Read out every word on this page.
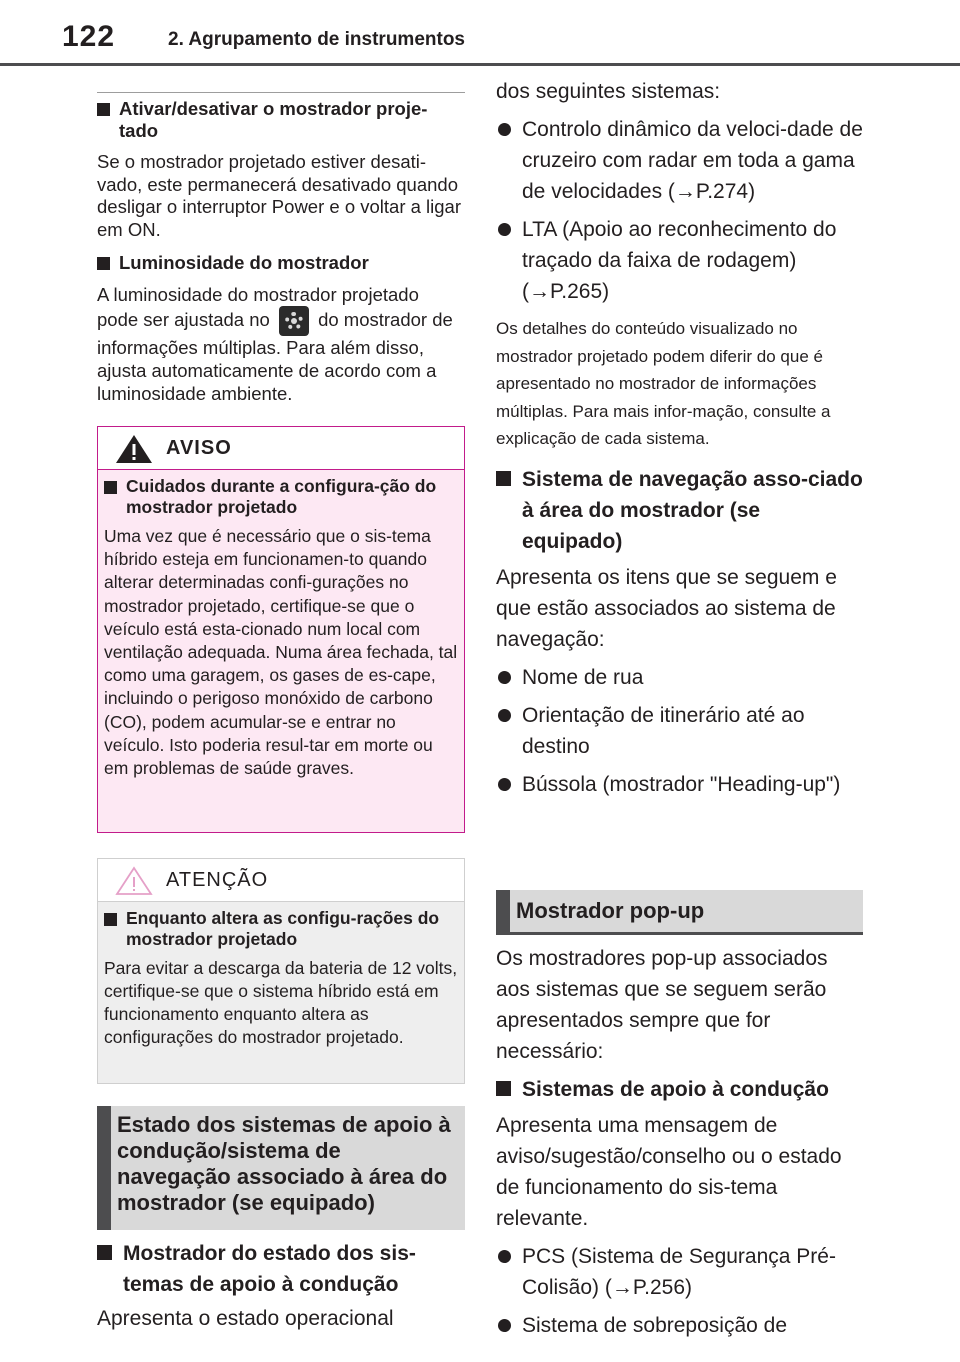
122	2. Agrupamento de instrumentos
Ativar/desativar o mostrador proje-tado
Se o mostrador projetado estiver desati-vado, este permanecerá desativado quando desligar o interruptor Power e o voltar a ligar em ON.
Luminosidade do mostrador
A luminosidade do mostrador projetado pode ser ajustada no	do mostrador de informações múltiplas. Para além disso, ajusta automaticamente de acordo com a luminosidade ambiente.
AVISO
Cuidados durante a configura-ção do mostrador projetado
Uma vez que é necessário que o sis-tema híbrido esteja em funcionamen-to quando alterar determinadas confi-gurações no mostrador projetado, certifique-se que o veículo está esta-cionado num local com ventilação adequada. Numa área fechada, tal como uma garagem, os gases de es-cape, incluindo o perigoso monóxido de carbono (CO), podem acumular-se e entrar no veículo. Isto poderia resul-tar em morte ou em problemas de saúde graves.
ATENÇÃO
Enquanto altera as configu-rações do mostrador projetado
Para evitar a descarga da bateria de 12 volts, certifique-se que o sistema híbrido está em funcionamento enquanto altera as configurações do mostrador projetado.
Estado dos sistemas de apoio à condução/sistema de navegação associado à área do mostrador (se equipado)
Mostrador do estado dos sis-temas de apoio à condução
Apresenta o estado operacional
dos seguintes sistemas:
Controlo dinâmico da veloci-dade de cruzeiro com radar em toda a gama de velocidades (→P.274)
LTA (Apoio ao reconhecimento do traçado da faixa de rodagem) (→P.265)
Os detalhes do conteúdo visualizado no mostrador projetado podem diferir do que é apresentado no mostrador de informações múltiplas. Para mais infor-mação, consulte a explicação de cada sistema.
Sistema de navegação asso-ciado à área do mostrador (se equipado)
Apresenta os itens que se seguem e que estão associados ao sistema de navegação:
Nome de rua
Orientação de itinerário até ao destino
Bússola (mostrador "Heading-up")
Mostrador pop-up
Os mostradores pop-up associados aos sistemas que se seguem serão apresentados sempre que for necessário:
Sistemas de apoio à condução
Apresenta uma mensagem de aviso/sugestão/conselho ou o estado de funcionamento do sis-tema relevante.
PCS (Sistema de Segurança Pré-Colisão) (→P.256)
Sistema de sobreposição de
